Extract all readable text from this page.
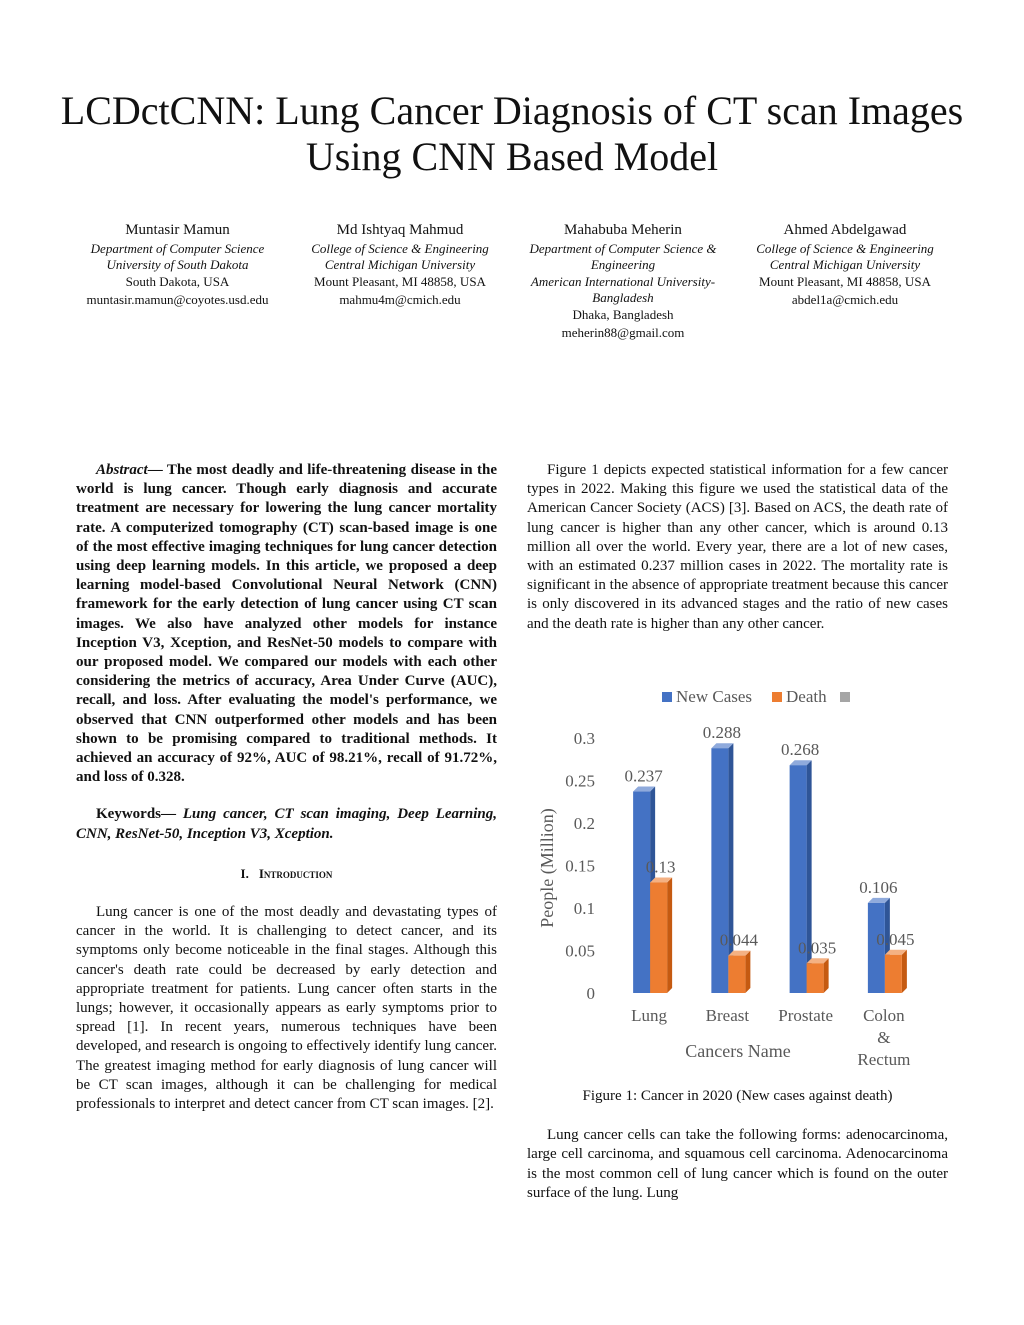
LCDctCNN: Lung Cancer Diagnosis of CT scan Images Using CNN Based Model
Muntasir Mamun
Department of Computer Science
University of South Dakota
South Dakota, USA
muntasir.mamun@coyotes.usd.edu
Md Ishtyaq Mahmud
College of Science & Engineering
Central Michigan University
Mount Pleasant, MI 48858, USA
mahmu4m@cmich.edu
Mahabuba Meherin
Department of Computer Science & Engineering
American International University-Bangladesh
Dhaka, Bangladesh
meherin88@gmail.com
Ahmed Abdelgawad
College of Science & Engineering
Central Michigan University
Mount Pleasant, MI 48858, USA
abdel1a@cmich.edu

Abstract— The most deadly and life-threatening disease in the world is lung cancer. Though early diagnosis and accurate treatment are necessary for lowering the lung cancer mortality rate. A computerized tomography (CT) scan-based image is one of the most effective imaging techniques for lung cancer detection using deep learning models. In this article, we proposed a deep learning model-based Convolutional Neural Network (CNN) framework for the early detection of lung cancer using CT scan images. We also have analyzed other models for instance Inception V3, Xception, and ResNet-50 models to compare with our proposed model. We compared our models with each other considering the metrics of accuracy, Area Under Curve (AUC), recall, and loss. After evaluating the model's performance, we observed that CNN outperformed other models and has been shown to be promising compared to traditional methods. It achieved an accuracy of 92%, AUC of 98.21%, recall of 91.72%, and loss of 0.328.

Keywords— Lung cancer, CT scan imaging, Deep Learning, CNN, ResNet-50, Inception V3, Xception.

I. Introduction

Lung cancer is one of the most deadly and devastating types of cancer in the world. It is challenging to detect cancer, and its symptoms only become noticeable in the final stages. Although this cancer's death rate could be decreased by early detection and appropriate treatment for patients. Lung cancer often starts in the lungs; however, it occasionally appears as early symptoms prior to spread [1]. In recent years, numerous techniques have been developed, and research is ongoing to effectively identify lung cancer. The greatest imaging method for early diagnosis of lung cancer will be CT scan images, although it can be challenging for medical professionals to interpret and detect cancer from CT scan images. [2].

Figure 1 depicts expected statistical information for a few cancer types in 2022. Making this figure we used the statistical data of the American Cancer Society (ACS) [3]. Based on ACS, the death rate of lung cancer is higher than any other cancer, which is around 0.13 million all over the world. Every year, there are a lot of new cases, with an estimated 0.237 million cases in 2022. The mortality rate is significant in the absence of appropriate treatment because this cancer is only discovered in its advanced stages and the ratio of new cases and the death rate is higher than any other cancer.

New Cases Death
0
0.05
0.1
0.15
0.2
0.25
0.3
0.237
0.13
0.288
0.044
0.268
0.035
0.106
0.045
Lung Breast Prostate Colon
&
Rectum
People (Million)
Cancers Name

Figure 1: Cancer in 2020 (New cases against death)

Lung cancer cells can take the following forms: adenocarcinoma, large cell carcinoma, and squamous cell carcinoma. Adenocarcinoma is the most common cell of lung cancer which is found on the outer surface of the lung. Lung
